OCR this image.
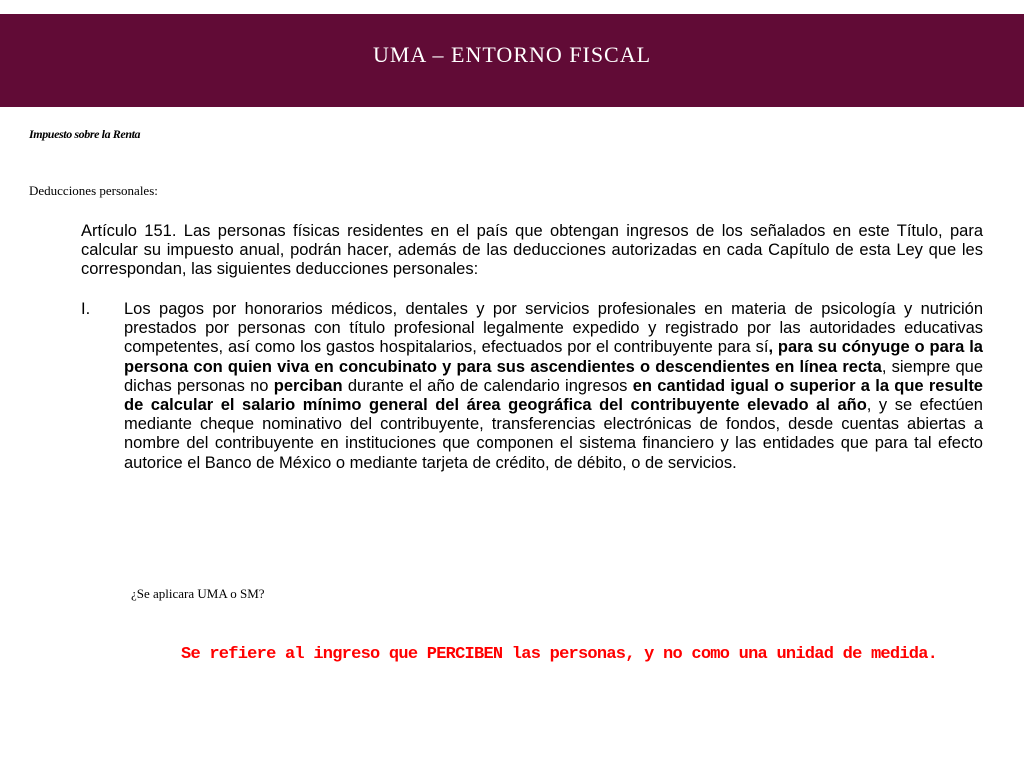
UMA – ENTORNO FISCAL
Impuesto sobre la Renta
Deducciones personales:

Artículo 151. Las personas físicas residentes en el país que obtengan ingresos de los señalados en este Título, para calcular su impuesto anual, podrán hacer, además de las deducciones autorizadas en cada Capítulo de esta Ley que les correspondan, las siguientes deducciones personales:

I. Los pagos por honorarios médicos, dentales y por servicios profesionales en materia de psicología y nutrición prestados por personas con título profesional legalmente expedido y registrado por las autoridades educativas competentes, así como los gastos hospitalarios, efectuados por el contribuyente para sí, para su cónyuge o para la persona con quien viva en concubinato y para sus ascendientes o descendientes en línea recta, siempre que dichas personas no perciban durante el año de calendario ingresos en cantidad igual o superior a la que resulte de calcular el salario mínimo general del área geográfica del contribuyente elevado al año, y se efectúen mediante cheque nominativo del contribuyente, transferencias electrónicas de fondos, desde cuentas abiertas a nombre del contribuyente en instituciones que componen el sistema financiero y las entidades que para tal efecto autorice el Banco de México o mediante tarjeta de crédito, de débito, o de servicios.
¿Se aplicara UMA o SM?
Se refiere al ingreso que PERCIBEN las personas, y no como una unidad de medida.
